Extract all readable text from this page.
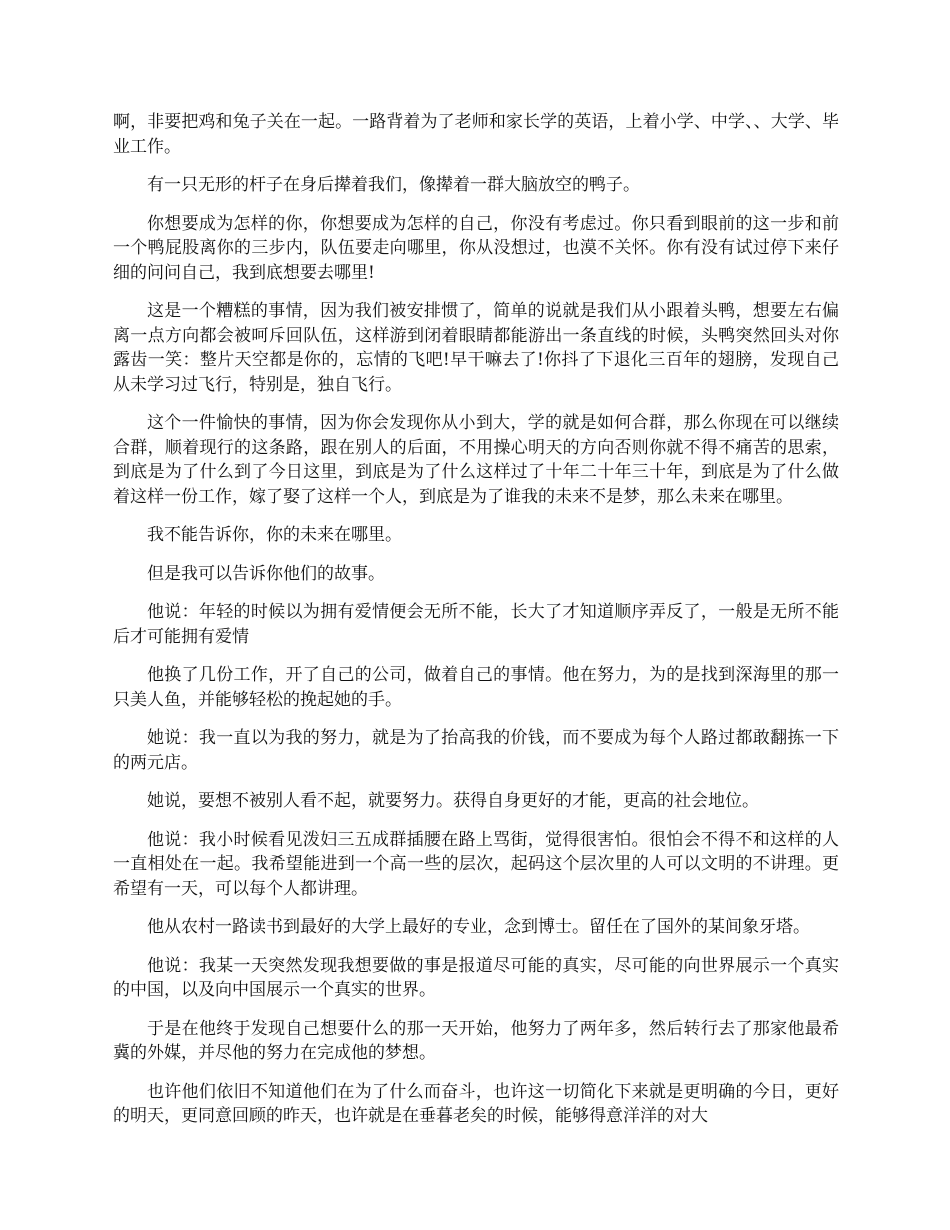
啊，非要把鸡和兔子关在一起。一路背着为了老师和家长学的英语，上着小学、中学、、大学、毕业工作。

有一只无形的杆子在身后撵着我们，像撵着一群大脑放空的鸭子。

你想要成为怎样的你，你想要成为怎样的自己，你没有考虑过。你只看到眼前的这一步和前一个鸭屁股离你的三步内，队伍要走向哪里，你从没想过，也漠不关怀。你有没有试过停下来仔细的问问自己，我到底想要去哪里!

这是一个糟糕的事情，因为我们被安排惯了，简单的说就是我们从小跟着头鸭，想要左右偏离一点方向都会被呵斥回队伍，这样游到闭着眼睛都能游出一条直线的时候，头鸭突然回头对你露齿一笑：整片天空都是你的，忘情的飞吧!早干嘛去了!你抖了下退化三百年的翅膀，发现自己从未学习过飞行，特别是，独自飞行。

这个一件愉快的事情，因为你会发现你从小到大，学的就是如何合群，那么你现在可以继续合群，顺着现行的这条路，跟在别人的后面，不用操心明天的方向否则你就不得不痛苦的思索，到底是为了什么到了今日这里，到底是为了什么这样过了十年二十年三十年，到底是为了什么做着这样一份工作，嫁了娶了这样一个人，到底是为了谁我的未来不是梦，那么未来在哪里。

我不能告诉你，你的未来在哪里。

但是我可以告诉你他们的故事。

他说：年轻的时候以为拥有爱情便会无所不能，长大了才知道顺序弄反了，一般是无所不能后才可能拥有爱情

他换了几份工作，开了自己的公司，做着自己的事情。他在努力，为的是找到深海里的那一只美人鱼，并能够轻松的挽起她的手。

她说：我一直以为我的努力，就是为了抬高我的价钱，而不要成为每个人路过都敢翻拣一下的两元店。

她说，要想不被别人看不起，就要努力。获得自身更好的才能，更高的社会地位。

他说：我小时候看见泼妇三五成群插腰在路上骂街，觉得很害怕。很怕会不得不和这样的人一直相处在一起。我希望能进到一个高一些的层次，起码这个层次里的人可以文明的不讲理。更希望有一天，可以每个人都讲理。

他从农村一路读书到最好的大学上最好的专业，念到博士。留任在了国外的某间象牙塔。

他说：我某一天突然发现我想要做的事是报道尽可能的真实，尽可能的向世界展示一个真实的中国，以及向中国展示一个真实的世界。

于是在他终于发现自己想要什么的那一天开始，他努力了两年多，然后转行去了那家他最希冀的外媒，并尽他的努力在完成他的梦想。

也许他们依旧不知道他们在为了什么而奋斗，也许这一切简化下来就是更明确的今日，更好的明天，更同意回顾的昨天，也许就是在垂暮老矣的时候，能够得意洋洋的对大
